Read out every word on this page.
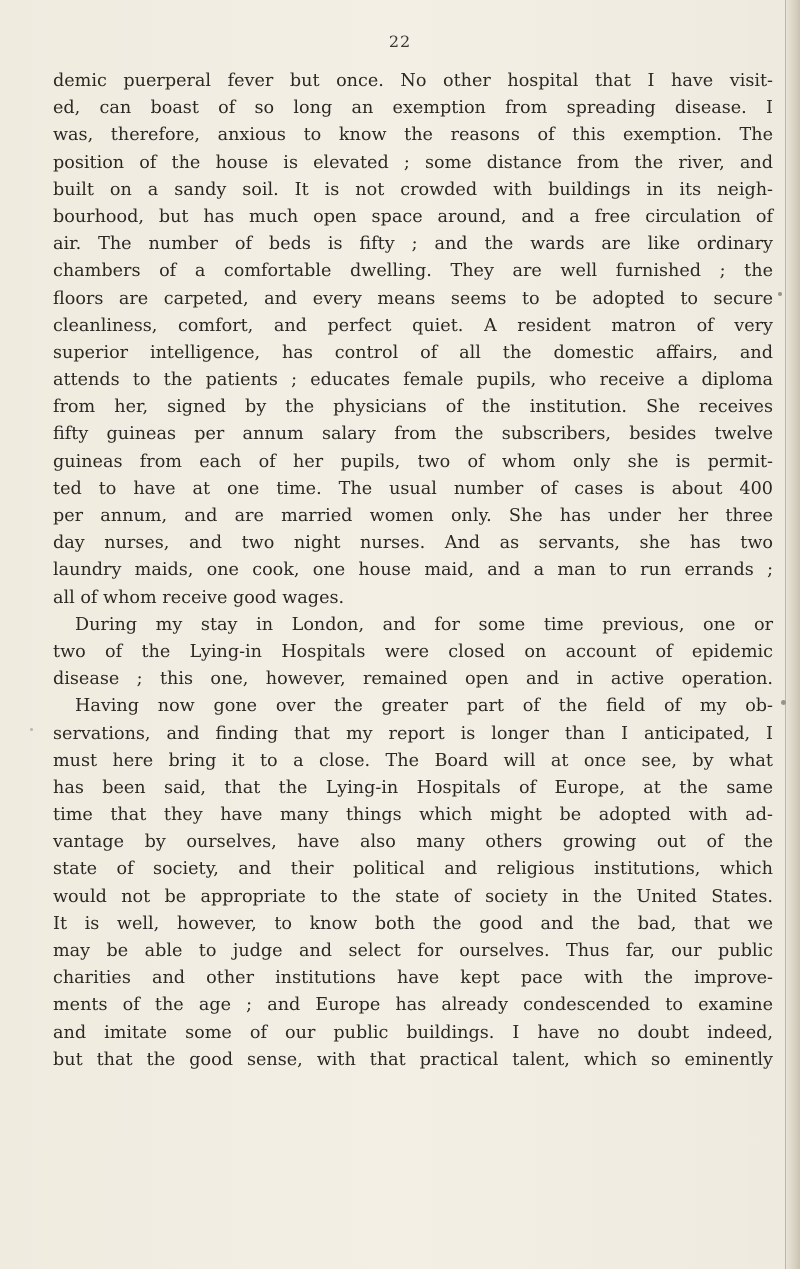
22
demic puerperal fever but once. No other hospital that I have visit-
ed, can boast of so long an exemption from spreading disease. I
was, therefore, anxious to know the reasons of this exemption. The
position of the house is elevated ; some distance from the river, and
built on a sandy soil. It is not crowded with buildings in its neigh-
bourhood, but has much open space around, and a free circulation of
air. The number of beds is fifty ; and the wards are like ordinary
chambers of a comfortable dwelling. They are well furnished ; the
floors are carpeted, and every means seems to be adopted to secure
cleanliness, comfort, and perfect quiet. A resident matron of very
superior intelligence, has control of all the domestic affairs, and
attends to the patients ; educates female pupils, who receive a diploma
from her, signed by the physicians of the institution. She receives
fifty guineas per annum salary from the subscribers, besides twelve
guineas from each of her pupils, two of whom only she is permit-
ted to have at one time. The usual number of cases is about 400
per annum, and are married women only. She has under her three
day nurses, and two night nurses. And as servants, she has two
laundry maids, one cook, one house maid, and a man to run errands ;
all of whom receive good wages.
During my stay in London, and for some time previous, one or
two of the Lying-in Hospitals were closed on account of epidemic
disease ; this one, however, remained open and in active operation.
Having now gone over the greater part of the field of my ob-
servations, and finding that my report is longer than I anticipated, I
must here bring it to a close. The Board will at once see, by what
has been said, that the Lying-in Hospitals of Europe, at the same
time that they have many things which might be adopted with ad-
vantage by ourselves, have also many others growing out of the
state of society, and their political and religious institutions, which
would not be appropriate to the state of society in the United States.
It is well, however, to know both the good and the bad, that we
may be able to judge and select for ourselves. Thus far, our public
charities and other institutions have kept pace with the improve-
ments of the age ; and Europe has already condescended to examine
and imitate some of our public buildings. I have no doubt indeed,
but that the good sense, with that practical talent, which so eminently
